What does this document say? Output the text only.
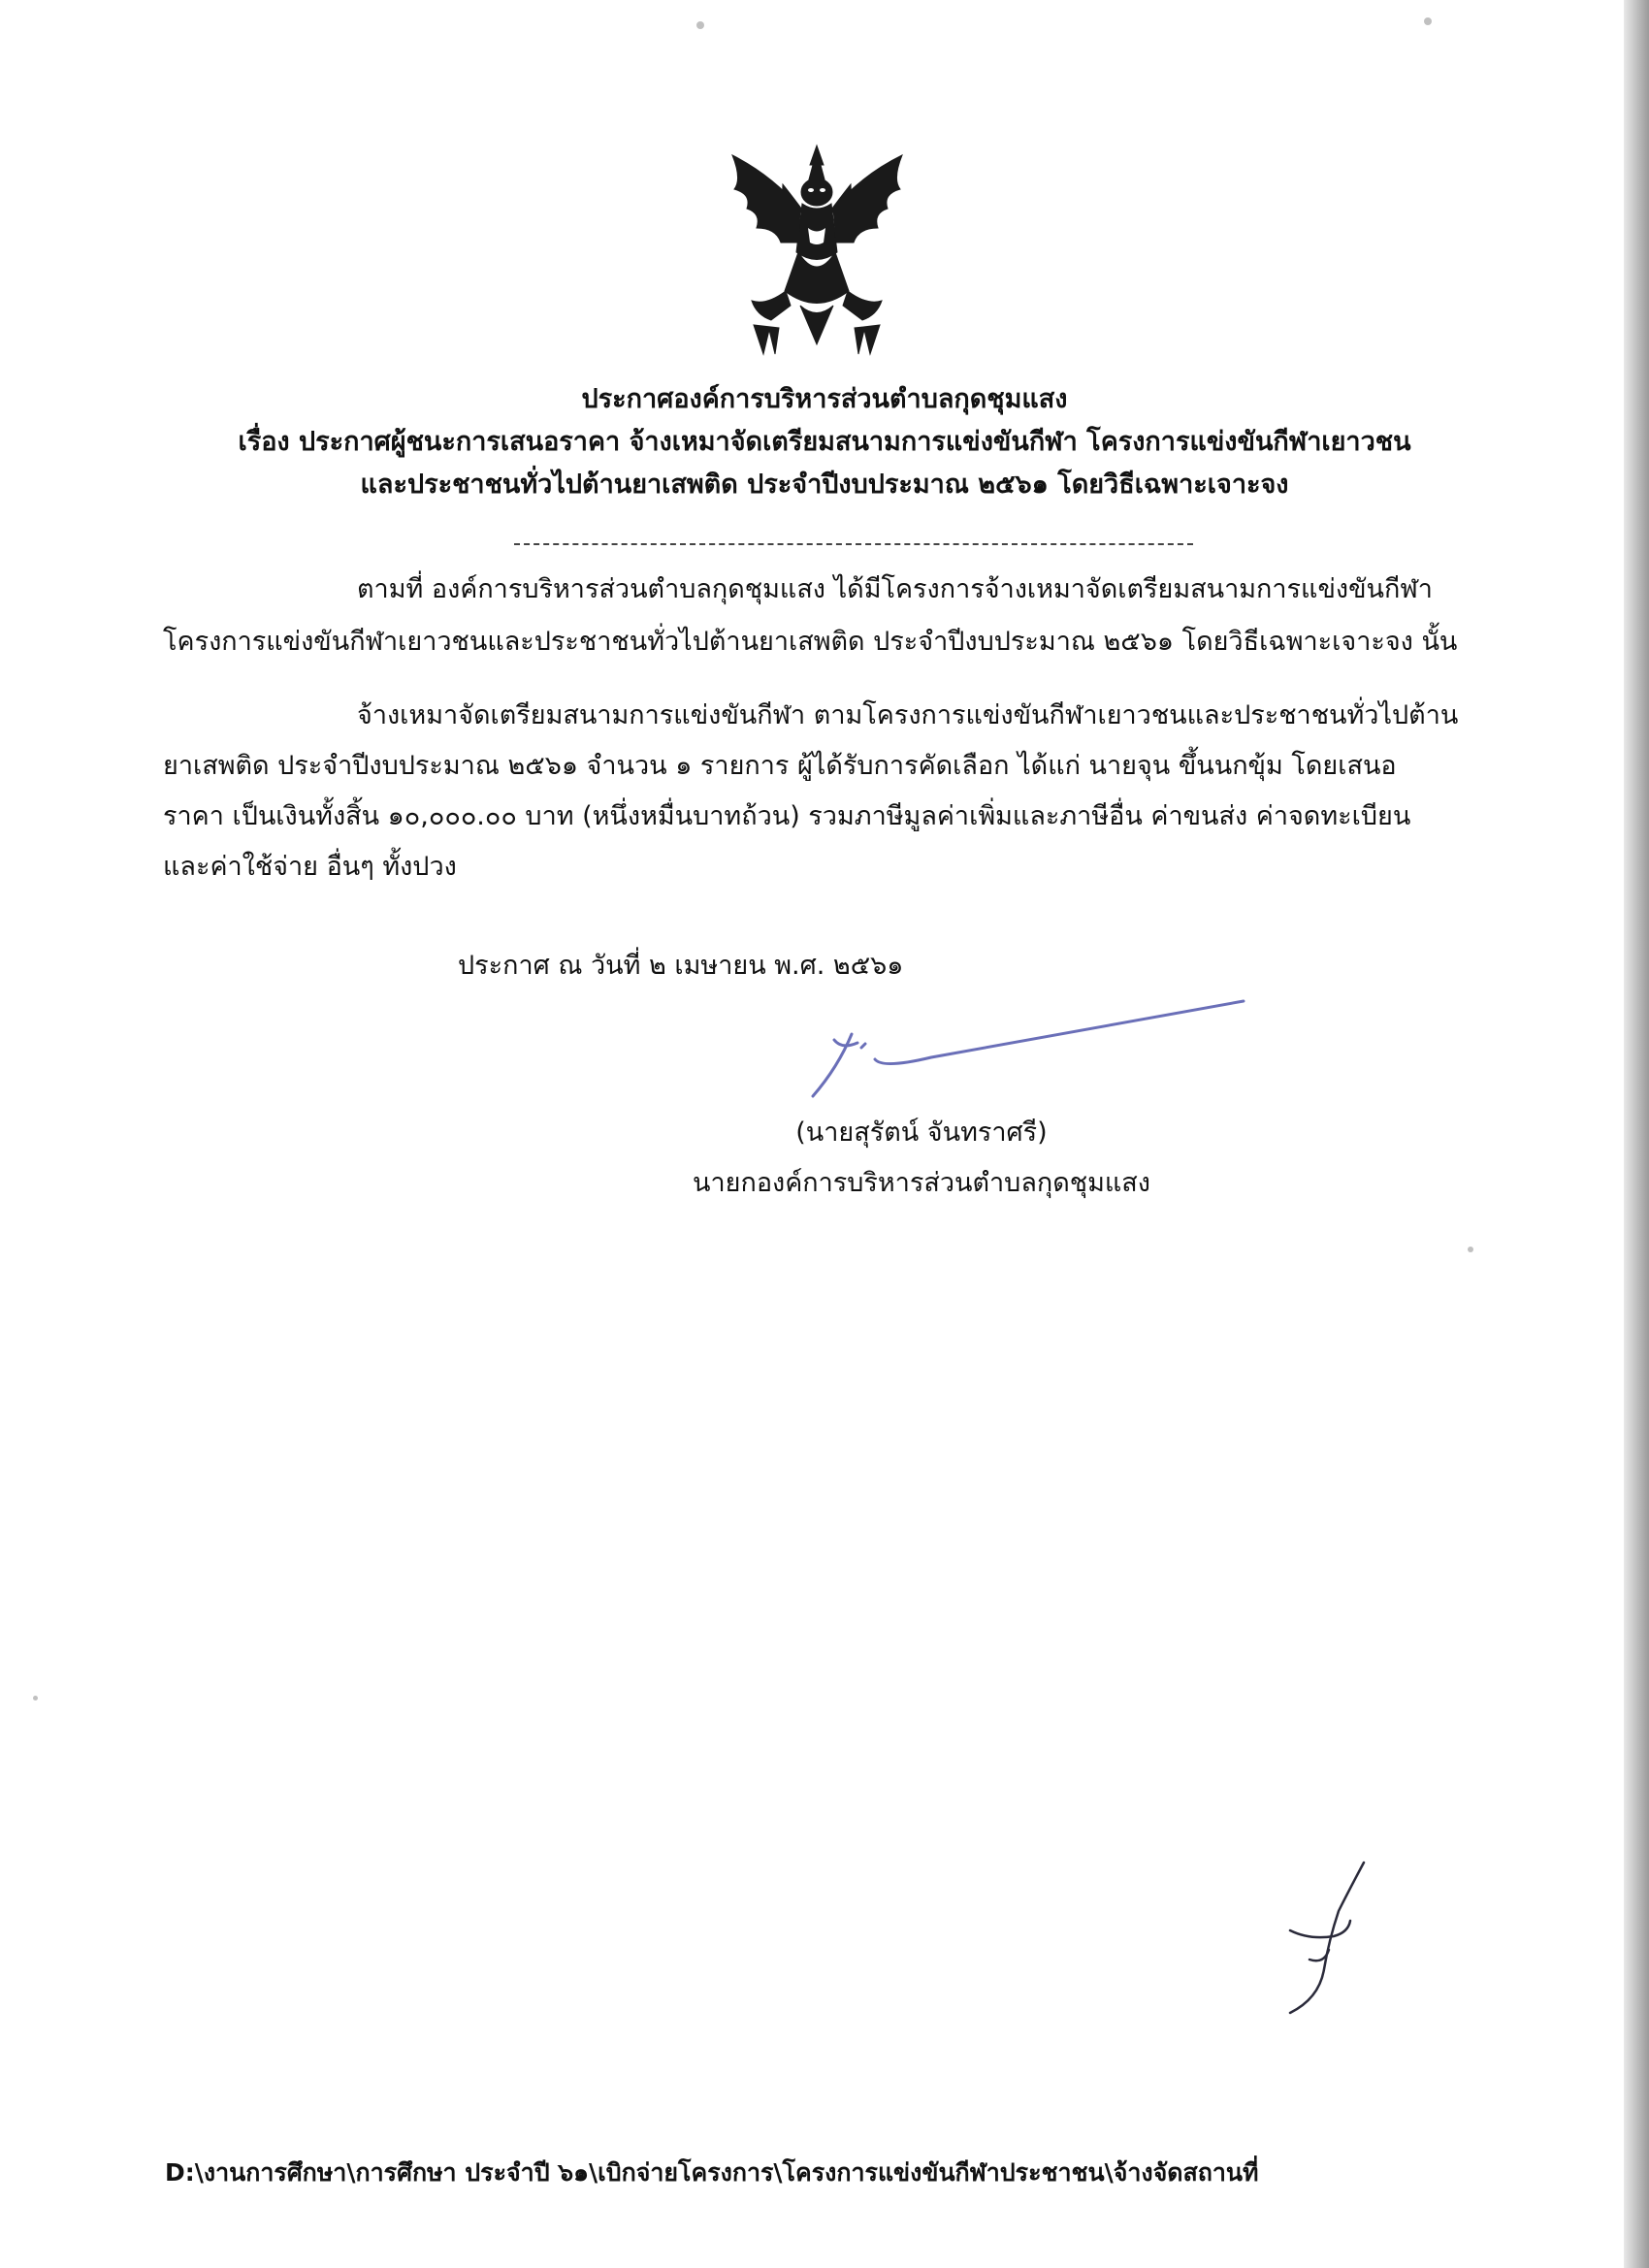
ประกาศองค์การบริหารส่วนตำบลกุดชุมแสง
เรื่อง ประกาศผู้ชนะการเสนอราคา จ้างเหมาจัดเตรียมสนามการแข่งขันกีฬา โครงการแข่งขันกีฬาเยาวชน
และประชาชนทั่วไปต้านยาเสพติด ประจำปีงบประมาณ ๒๕๖๑ โดยวิธีเฉพาะเจาะจง
ตามที่ องค์การบริหารส่วนตำบลกุดชุมแสง ได้มีโครงการจ้างเหมาจัดเตรียมสนามการแข่งขันกีฬา
โครงการแข่งขันกีฬาเยาวชนและประชาชนทั่วไปต้านยาเสพติด ประจำปีงบประมาณ ๒๕๖๑ โดยวิธีเฉพาะเจาะจง นั้น
จ้างเหมาจัดเตรียมสนามการแข่งขันกีฬา ตามโครงการแข่งขันกีฬาเยาวชนและประชาชนทั่วไปต้าน
ยาเสพติด ประจำปีงบประมาณ ๒๕๖๑ จำนวน ๑ รายการ ผู้ได้รับการคัดเลือก ได้แก่ นายจุน ขึ้นนกขุ้ม โดยเสนอ
ราคา เป็นเงินทั้งสิ้น ๑๐,๐๐๐.๐๐ บาท (หนึ่งหมื่นบาทถ้วน) รวมภาษีมูลค่าเพิ่มและภาษีอื่น ค่าขนส่ง ค่าจดทะเบียน
และค่าใช้จ่าย อื่นๆ ทั้งปวง
ประกาศ ณ วันที่ ๒ เมษายน พ.ศ. ๒๕๖๑
(นายสุรัตน์ จันทราศรี)
นายกองค์การบริหารส่วนตำบลกุดชุมแสง
D:\งานการศึกษา\การศึกษา ประจำปี ๖๑\เบิกจ่ายโครงการ\โครงการแข่งขันกีฬาประชาชน\จ้างจัดสถานที่
